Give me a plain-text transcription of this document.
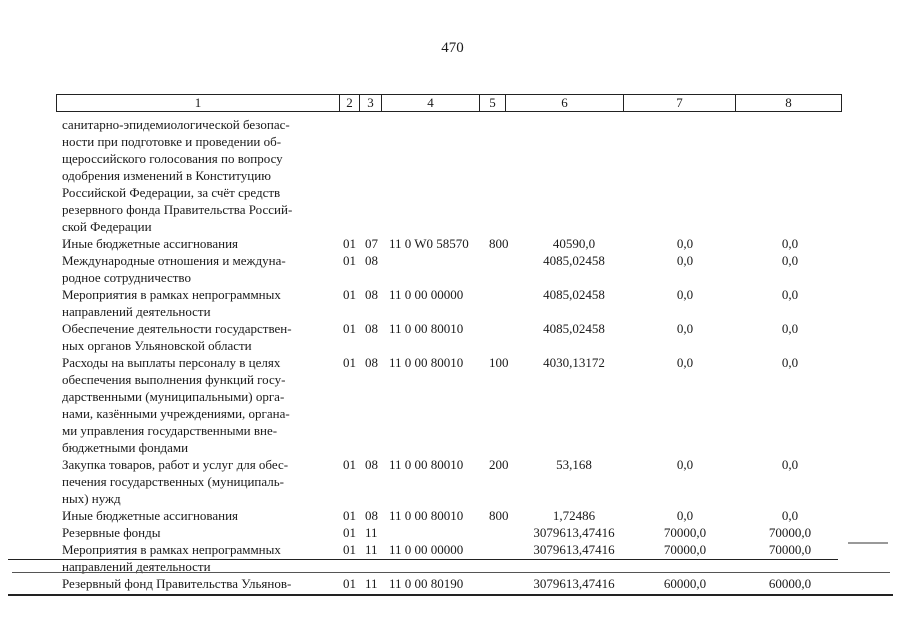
470
1	2	3	4	5	6	7	8
санитарно-эпидемиологической безопас-
ности при подготовке и проведении об-
щероссийского голосования по вопросу
одобрения изменений в Конституцию
Российской Федерации, за счёт средств
резервного фонда Правительства Россий-
ской Федерации
Иные бюджетные ассигнования	01 07 11 0 W0 58570 800	40590,0	0,0	0,0
Международные отношения и междуна-
родное сотрудничество
01 08	4085,02458	0,0	0,0
Мероприятия в рамках непрограммных
направлений деятельности
01 08 11 0 00 00000	4085,02458	0,0	0,0
Обеспечение деятельности государствен-
ных органов Ульяновской области
01 08 11 0 00 80010	4085,02458	0,0	0,0
Расходы на выплаты персоналу в целях
обеспечения выполнения функций госу-
дарственными (муниципальными) орга-
нами, казёнными учреждениями, органа-
ми управления государственными вне-
бюджетными фондами
01 08 11 0 00 80010 100	4030,13172	0,0	0,0
Закупка товаров, работ и услуг для обес-
печения государственных (муниципаль-
ных) нужд
01 08 11 0 00 80010 200	53,168	0,0	0,0
Иные бюджетные ассигнования	01 08 11 0 00 80010 800	1,72486	0,0	0,0
Резервные фонды	01 11	3079613,47416	70000,0	70000,0
Мероприятия в рамках непрограммных
направлений деятельности
01 11 11 0 00 00000	3079613,47416	70000,0	70000,0
Резервный фонд Правительства Ульянов-	01 11 11 0 00 80190	3079613,47416	60000,0	60000,0
